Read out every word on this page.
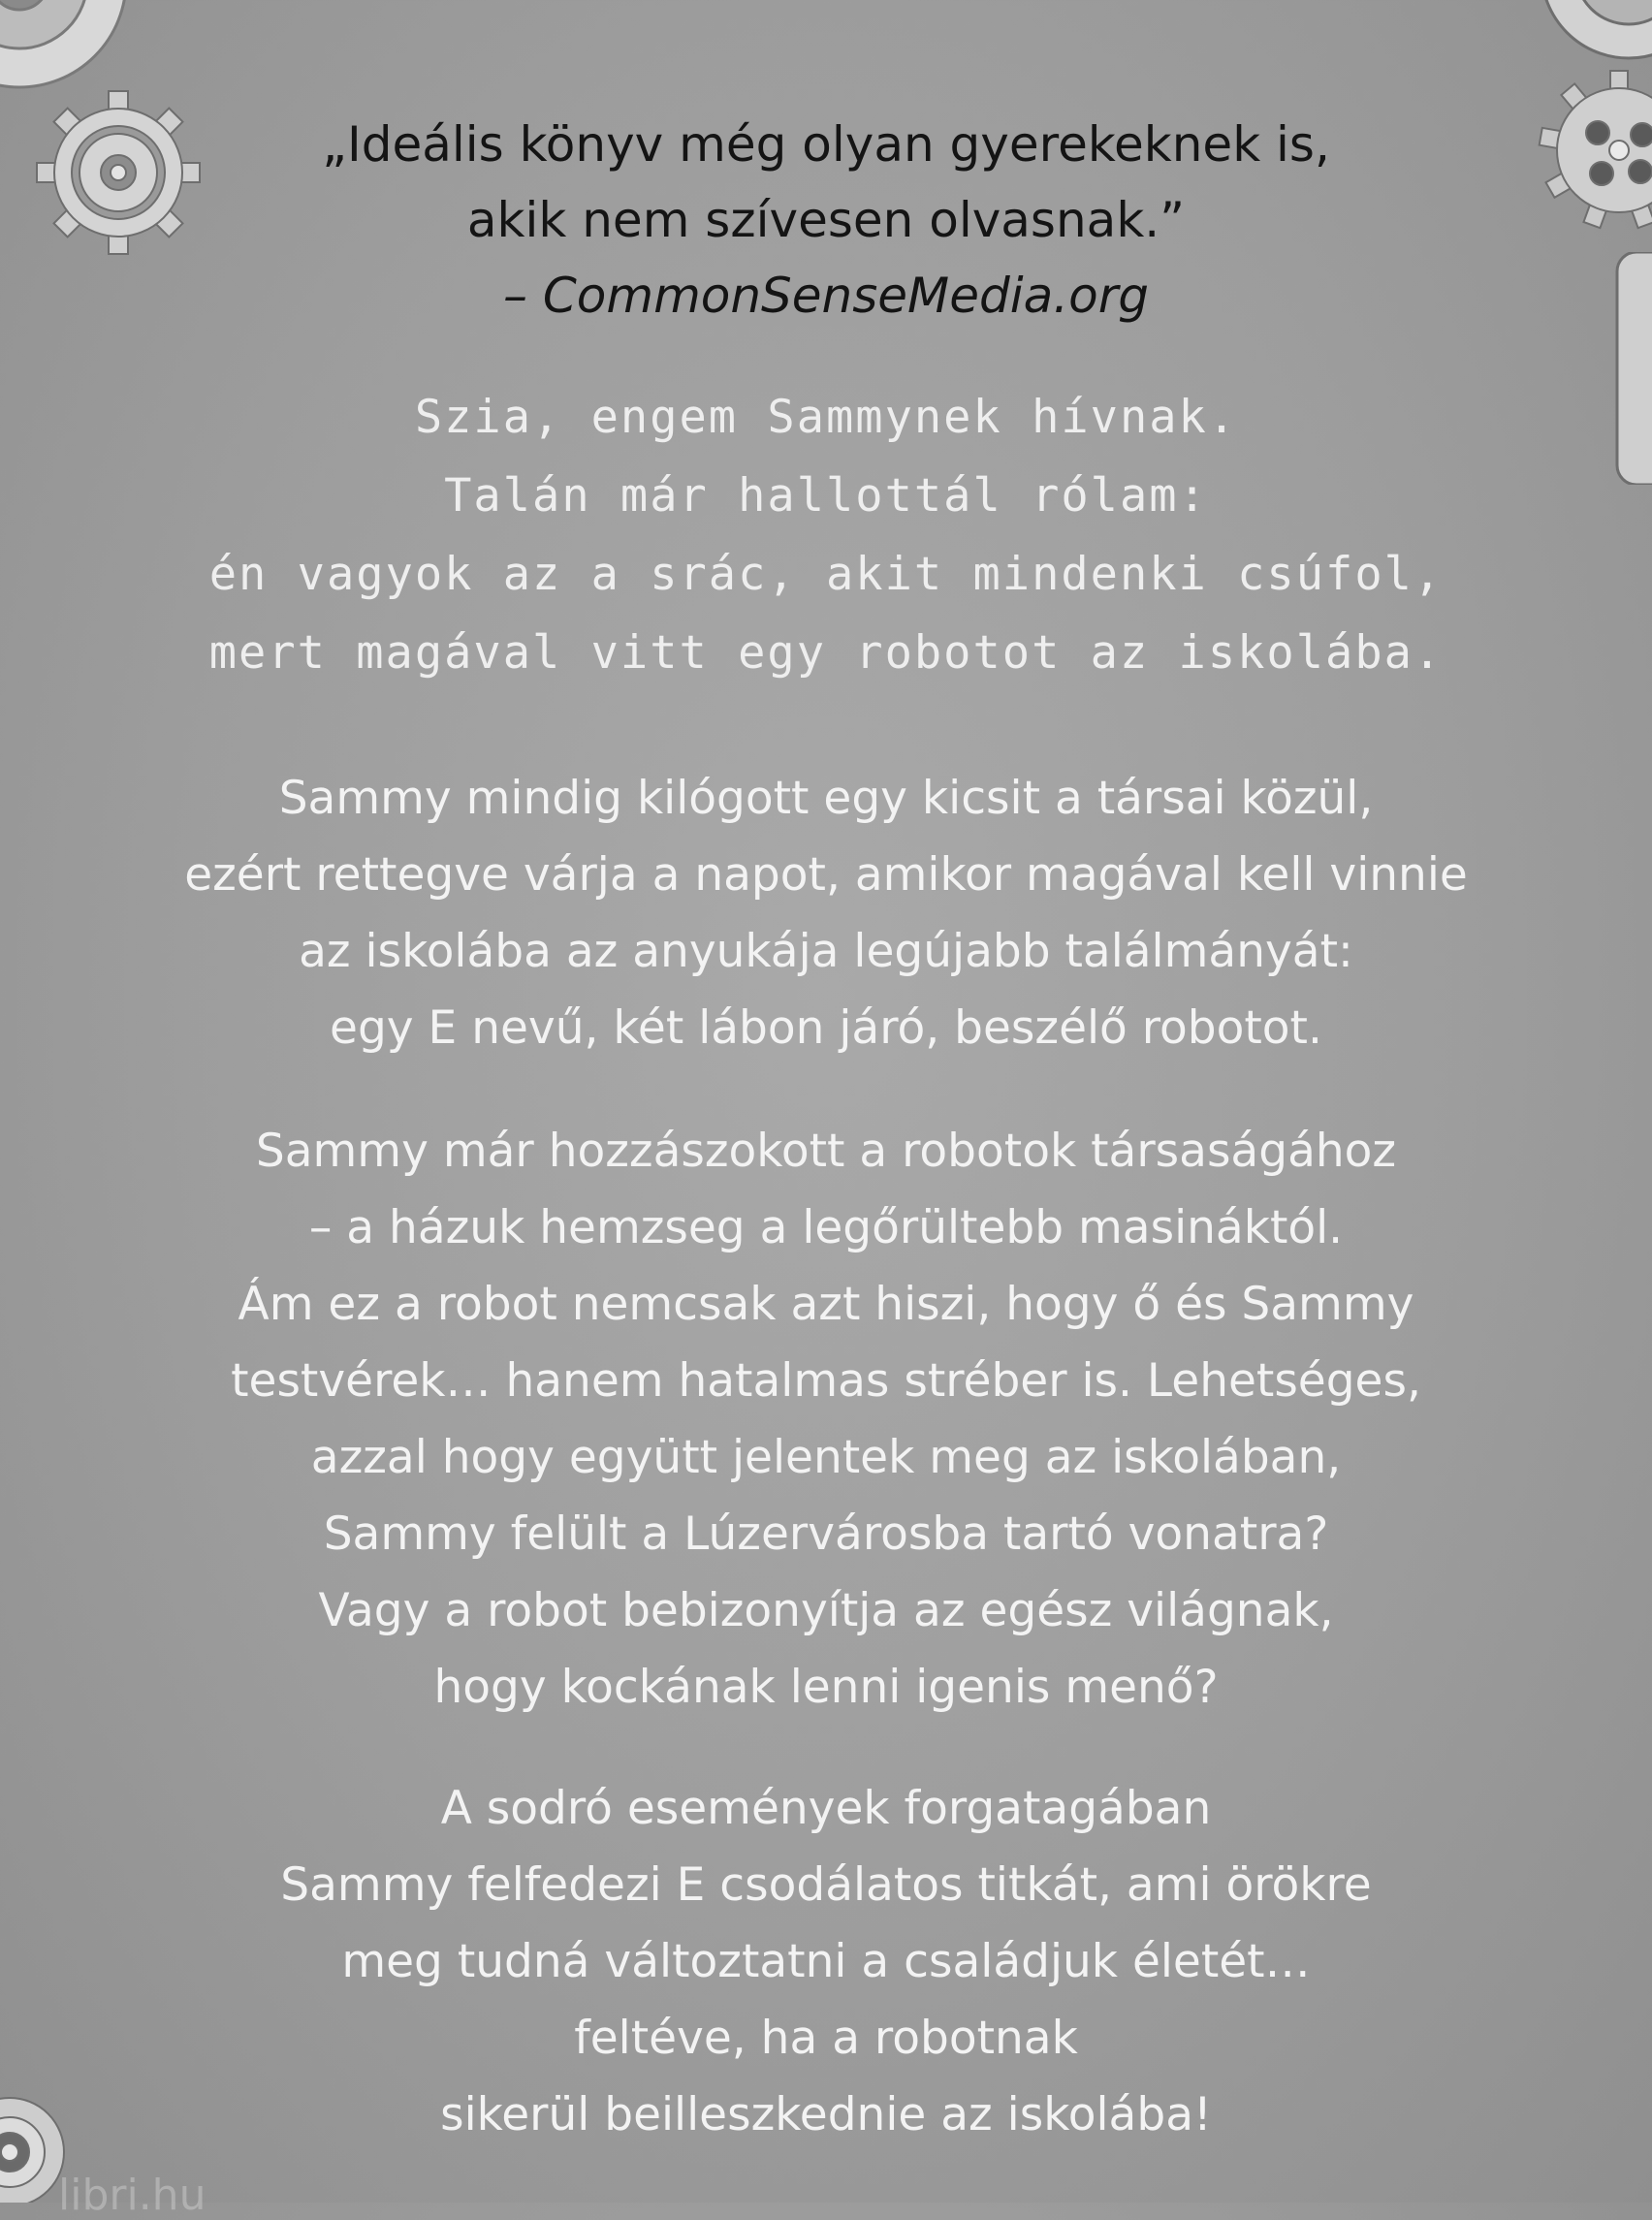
„Ideális könyv még olyan gyerekeknek is,
akik nem szívesen olvasnak.”
– CommonSenseMedia.org
Szia, engem Sammynek hívnak.
Talán már hallottál rólam:
én vagyok az a srác, akit mindenki csúfol,
mert magával vitt egy robotot az iskolába.
Sammy mindig kilógott egy kicsit a társai közül,
ezért rettegve várja a napot, amikor magával kell vinnie
az iskolába az anyukája legújabb találmányát:
egy E nevű, két lábon járó, beszélő robotot.
Sammy már hozzászokott a robotok társaságához
– a házuk hemzseg a legőrültebb masináktól.
Ám ez a robot nemcsak azt hiszi, hogy ő és Sammy
testvérek… hanem hatalmas stréber is. Lehetséges,
azzal hogy együtt jelentek meg az iskolában,
Sammy felült a Lúzervárosba tartó vonatra?
Vagy a robot bebizonyítja az egész világnak,
hogy kockának lenni igenis menő?
A sodró események forgatagában
Sammy felfedezi E csodálatos titkát, ami örökre
meg tudná változtatni a családjuk életét…
feltéve, ha a robotnak
sikerül beilleszkednie az iskolába!
libri.hu
